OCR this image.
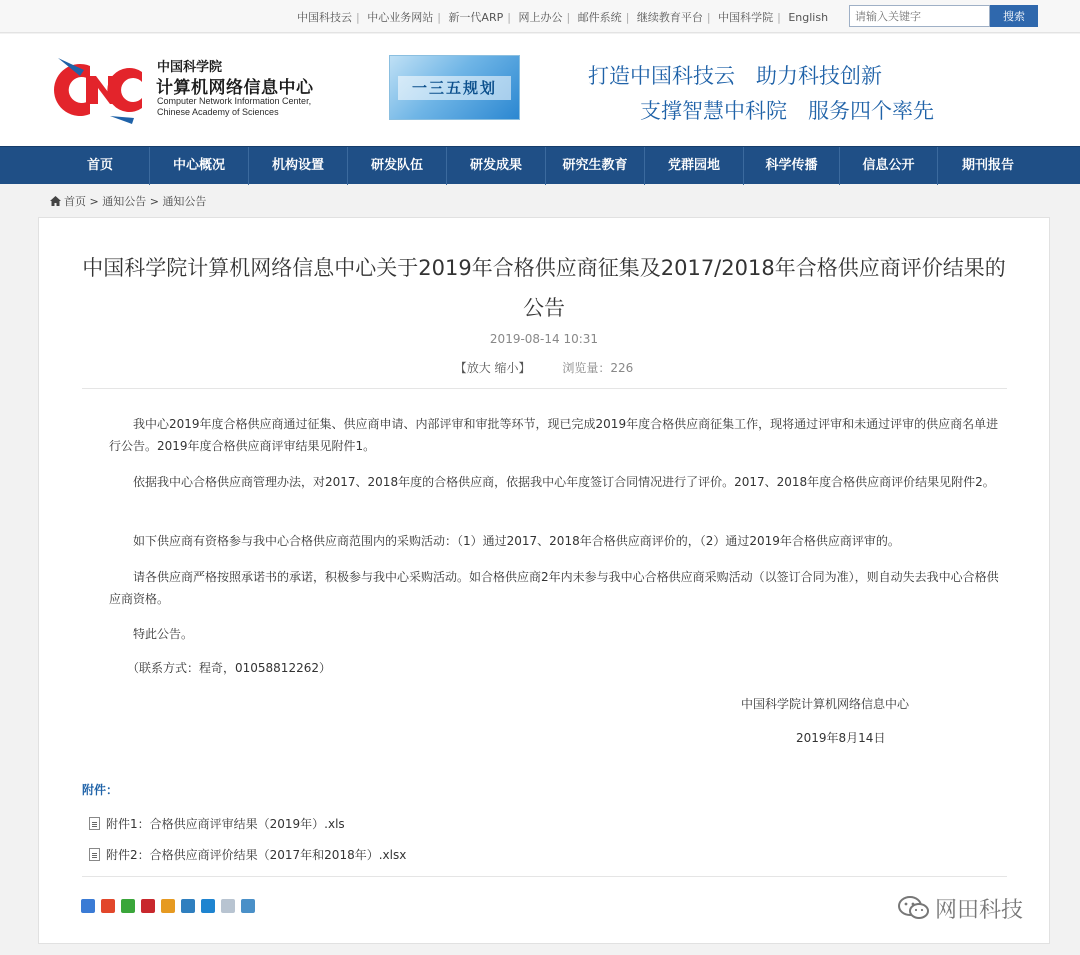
中国科技云 | 中心业务网站 | 新一代ARP | 网上办公 | 邮件系统 | 继续教育平台 | 中国科学院 | English
请输入关键字	搜索
中国科学院
计算机网络信息中心
Computer Network Information Center,
Chinese Academy of Sciences
一三五规划	打造中国科技云　助力科技创新
支撑智慧中科院　服务四个率先
首页	中心概况	机构设置	研发队伍	研发成果	研究生教育	党群园地	科学传播	信息公开	期刊报告
首页 > 通知公告 > 通知公告
中国科学院计算机网络信息中心关于2019年合格供应商征集及2017/2018年合格供应商评价结果的公告
2019-08-14 10:31
【放大 缩小】	浏览量：226
　　我中心2019年度合格供应商通过征集、供应商申请、内部评审和审批等环节，现已完成2019年度合格供应商征集工作，现将通过评审和未通过评审的供应商名单进行公告。2019年度合格供应商评审结果见附件1。
　　依据我中心合格供应商管理办法，对2017、2018年度的合格供应商，依据我中心年度签订合同情况进行了评价。2017、2018年度合格供应商评价结果见附件2。
　　如下供应商有资格参与我中心合格供应商范围内的采购活动：（1）通过2017、2018年合格供应商评价的，（2）通过2019年合格供应商评审的。
　　请各供应商严格按照承诺书的承诺，积极参与我中心采购活动。如合格供应商2年内未参与我中心合格供应商采购活动（以签订合同为准），则自动失去我中心合格供应商资格。
　　特此公告。
　　（联系方式：程奇，01058812262）
中国科学院计算机网络信息中心
2019年8月14日
附件：
附件1：合格供应商评审结果（2019年）.xls
附件2：合格供应商评价结果（2017年和2018年）.xlsx
网田科技
